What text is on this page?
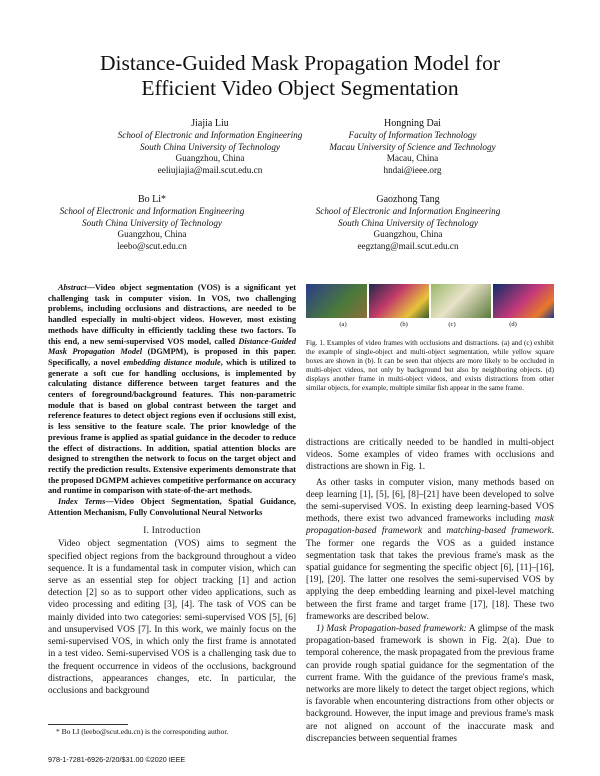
Distance-Guided Mask Propagation Model for
Efficient Video Object Segmentation
Jiajia Liu
School of Electronic and Information Engineering
South China University of Technology
Guangzhou, China
eeliujiajia@mail.scut.edu.cn
Hongning Dai
Faculty of Information Technology
Macau University of Science and Technology
Macau, China
hndai@ieee.org
Bo Li*
School of Electronic and Information Engineering
South China University of Technology
Guangzhou, China
leebo@scut.edu.cn
Gaozhong Tang
School of Electronic and Information Engineering
South China University of Technology
Guangzhou, China
eegztang@mail.scut.edu.cn

Abstract—Video object segmentation (VOS) is a significant yet challenging task in computer vision. In VOS, two challenging problems, including occlusions and distractions, are needed to be handled especially in multi-object videos. However, most existing methods have difficulty in efficiently tackling these two factors. To this end, a new semi-supervised VOS model, called Distance-Guided Mask Propagation Model (DGMPM), is proposed in this paper. Specifically, a novel embedding distance module, which is utilized to generate a soft cue for handling occlusions, is implemented by calculating distance difference between target features and the centers of foreground/background features. This non-parametric module that is based on global contrast between the target and reference features to detect object regions even if occlusions still exist, is less sensitive to the feature scale. The prior knowledge of the previous frame is applied as spatial guidance in the decoder to reduce the effect of distractions. In addition, spatial attention blocks are designed to strengthen the network to focus on the target object and rectify the prediction results. Extensive experiments demonstrate that the proposed DGMPM achieves competitive performance on accuracy and runtime in comparison with state-of-the-art methods.

Index Terms—Video Object Segmentation, Spatial Guidance, Attention Mechanism, Fully Convolutional Neural Networks

I. Introduction

Video object segmentation (VOS) aims to segment the specified object regions from the background throughout a video sequence. It is a fundamental task in computer vision, which can serve as an essential step for object tracking [1] and action detection [2] so as to support other video applications, such as video processing and editing [3], [4]. The task of VOS can be mainly divided into two categories: semi-supervised VOS [5], [6] and unsupervised VOS [7]. In this work, we mainly focus on the semi-supervised VOS, in which only the first frame is annotated in a test video. Semi-supervised VOS is a challenging task due to the frequent occurrence in videos of the occlusions, background distractions, appearances changes, etc. In particular, the occlusions and background

* Bo LI (leebo@scut.edu.cn) is the corresponding author.
978-1-7281-6926-2/20/$31.00 ©2020 IEEE
(a)	(b)	(c)	(d)

Fig. 1. Examples of video frames with occlusions and distractions. (a) and (c) exhibit the example of single-object and multi-object segmentation, while yellow square boxes are shown in (b). It can be seen that objects are more likely to be occluded in multi-object videos, not only by background but also by neighboring objects. (d) displays another frame in multi-object videos, and exists distractions from other similar objects, for example, multiple similar fish appear in the same frame.

distractions are critically needed to be handled in multi-object videos. Some examples of video frames with occlusions and distractions are shown in Fig. 1.

As other tasks in computer vision, many methods based on deep learning [1], [5], [6], [8]–[21] have been developed to solve the semi-supervised VOS. In existing deep learning-based VOS methods, there exist two advanced frameworks including mask propagation-based framework and matching-based framework. The former one regards the VOS as a guided instance segmentation task that takes the previous frame's mask as the spatial guidance for segmenting the specific object [6], [11]–[16], [19], [20]. The latter one resolves the semi-supervised VOS by applying the deep embedding learning and pixel-level matching between the first frame and target frame [17], [18]. These two frameworks are described below.

1) Mask Propagation-based framework: A glimpse of the mask propagation-based framework is shown in Fig. 2(a). Due to temporal coherence, the mask propagated from the previous frame can provide rough spatial guidance for the segmentation of the current frame. With the guidance of the previous frame's mask, networks are more likely to detect the target object regions, which is favorable when encountering distractions from other objects or background. However, the input image and previous frame's mask are not aligned on account of the inaccurate mask and discrepancies between sequential frames
